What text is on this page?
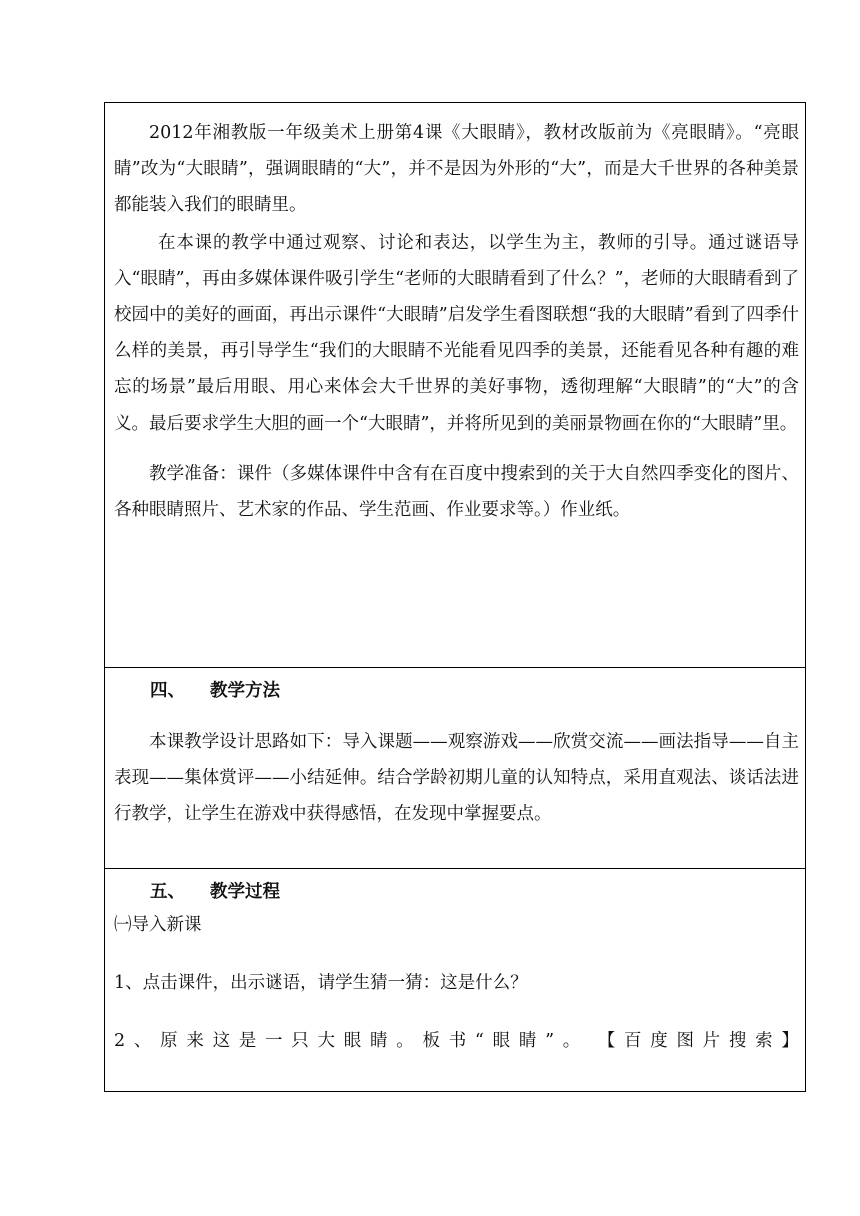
2012年湘教版一年级美术上册第4课《大眼睛》，教材改版前为《亮眼睛》。“亮眼睛”改为“大眼睛”，强调眼睛的“大”，并不是因为外形的“大”，而是大千世界的各种美景都能装入我们的眼睛里。

在本课的教学中通过观察、讨论和表达，以学生为主，教师的引导。通过谜语导入“眼睛”，再由多媒体课件吸引学生“老师的大眼睛看到了什么？”，老师的大眼睛看到了校园中的美好的画面，再出示课件“大眼睛”启发学生看图联想“我的大眼睛”看到了四季什么样的美景，再引导学生“我们的大眼睛不光能看见四季的美景，还能看见各种有趣的难忘的场景”最后用眼、用心来体会大千世界的美好事物，透彻理解“大眼睛”的“大”的含义。最后要求学生大胆的画一个“大眼睛”，并将所见到的美丽景物画在你的“大眼睛”里。

教学准备：课件（多媒体课件中含有在百度中搜索到的关于大自然四季变化的图片、各种眼睛照片、艺术家的作品、学生范画、作业要求等。）作业纸。

四、 教学方法

本课教学设计思路如下：导入课题——观察游戏——欣赏交流——画法指导——自主表现——集体赏评——小结延伸。结合学龄初期儿童的认知特点，采用直观法、谈话法进行教学，让学生在游戏中获得感悟，在发现中掌握要点。

五、 教学过程

㈠导入新课

1、点击课件，出示谜语，请学生猜一猜：这是什么？

2 、 原 来 这 是 一 只 大 眼 睛 。 板 书 “ 眼 睛 ” 。 【 百 度 图 片 搜 索 】
